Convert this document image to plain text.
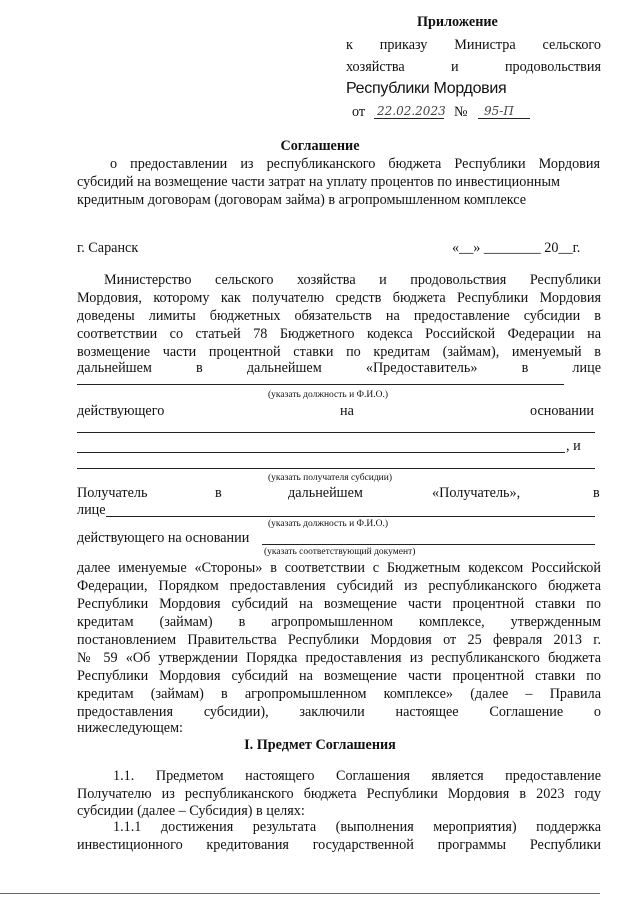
Приложение
к приказу Министра сельского
хозяйства и продовольствия
Республики Мордовия
от 22.02.2023 № 95-П
Соглашение
о предоставлении из республиканского бюджета Республики Мордовия
субсидий на возмещение части затрат на уплату процентов по инвестиционным
кредитным договорам (договорам займа) в агропромышленном комплексе
г. Саранск	«__» ________ 20__г.
Министерство сельского хозяйства и продовольствия Республики
Мордовия, которому как получателю средств бюджета Республики Мордовия
доведены лимиты бюджетных обязательств на предоставление субсидии в
соответствии со статьей 78 Бюджетного кодекса Российской Федерации на
возмещение части процентной ставки по кредитам (займам), именуемый в
дальнейшем в дальнейшем «Предоставитель» в лице
(указать должность и Ф.И.О.)
действующего	на	основании
, и
(указать получателя субсидии)
Получатель	в	дальнейшем	«Получатель»,	в
лице
(указать должность и Ф.И.О.)
действующего на основании
(указать соответствующий документ)
далее именуемые «Стороны» в соответствии с Бюджетным кодексом Российской
Федерации, Порядком предоставления субсидий из республиканского бюджета
Республики Мордовия субсидий на возмещение части процентной ставки по
кредитам (займам) в агропромышленном комплексе, утвержденным
постановлением Правительства Республики Мордовия от 25 февраля 2013 г.
№ 59 «Об утверждении Порядка предоставления из республиканского бюджета
Республики Мордовия субсидий на возмещение части процентной ставки по
кредитам (займам) в агропромышленном комплексе» (далее – Правила
предоставления субсидии), заключили настоящее Соглашение о
нижеследующем:
I. Предмет Соглашения
1.1. Предметом настоящего Соглашения является предоставление
Получателю из республиканского бюджета Республики Мордовия в 2023 году
субсидии (далее – Субсидия) в целях:
1.1.1 достижения результата (выполнения мероприятия) поддержка
инвестиционного кредитования государственной программы Республики
